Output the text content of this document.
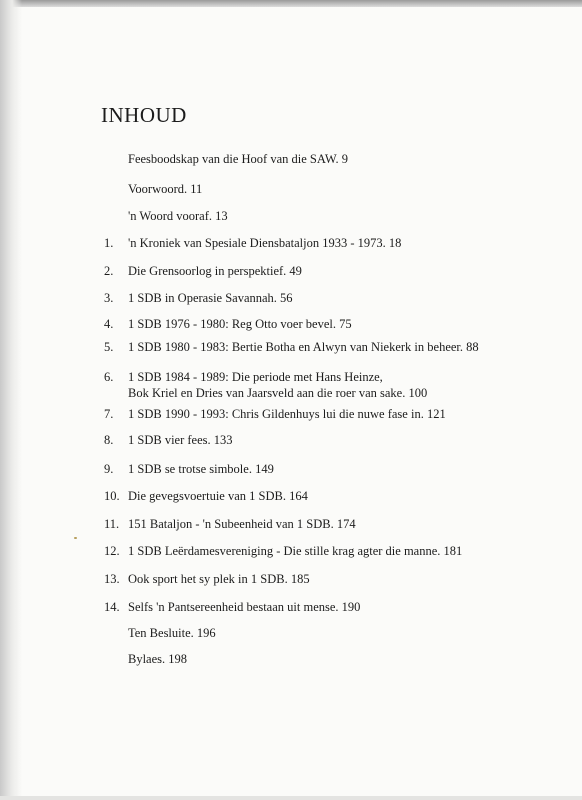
INHOUD
Feesboodskap van die Hoof van die SAW. 9
Voorwoord. 11
'n Woord vooraf. 13
1. 'n Kroniek van Spesiale Diensbataljon 1933 - 1973. 18
2. Die Grensoorlog in perspektief. 49
3. 1 SDB in Operasie Savannah. 56
4. 1 SDB 1976 - 1980: Reg Otto voer bevel. 75
5. 1 SDB 1980 - 1983: Bertie Botha en Alwyn van Niekerk in beheer. 88
6. 1 SDB 1984 - 1989: Die periode met Hans Heinze,
Bok Kriel en Dries van Jaarsveld aan die roer van sake. 100
7. 1 SDB 1990 - 1993: Chris Gildenhuys lui die nuwe fase in. 121
8. 1 SDB vier fees. 133
9. 1 SDB se trotse simbole. 149
10. Die gevegsvoertuie van 1 SDB. 164
11. 151 Bataljon - 'n Subeenheid van 1 SDB. 174
12. 1 SDB Leërdamesvereniging - Die stille krag agter die manne. 181
13. Ook sport het sy plek in 1 SDB. 185
14. Selfs 'n Pantsereenheid bestaan uit mense. 190
Ten Besluite. 196
Bylaes. 198
